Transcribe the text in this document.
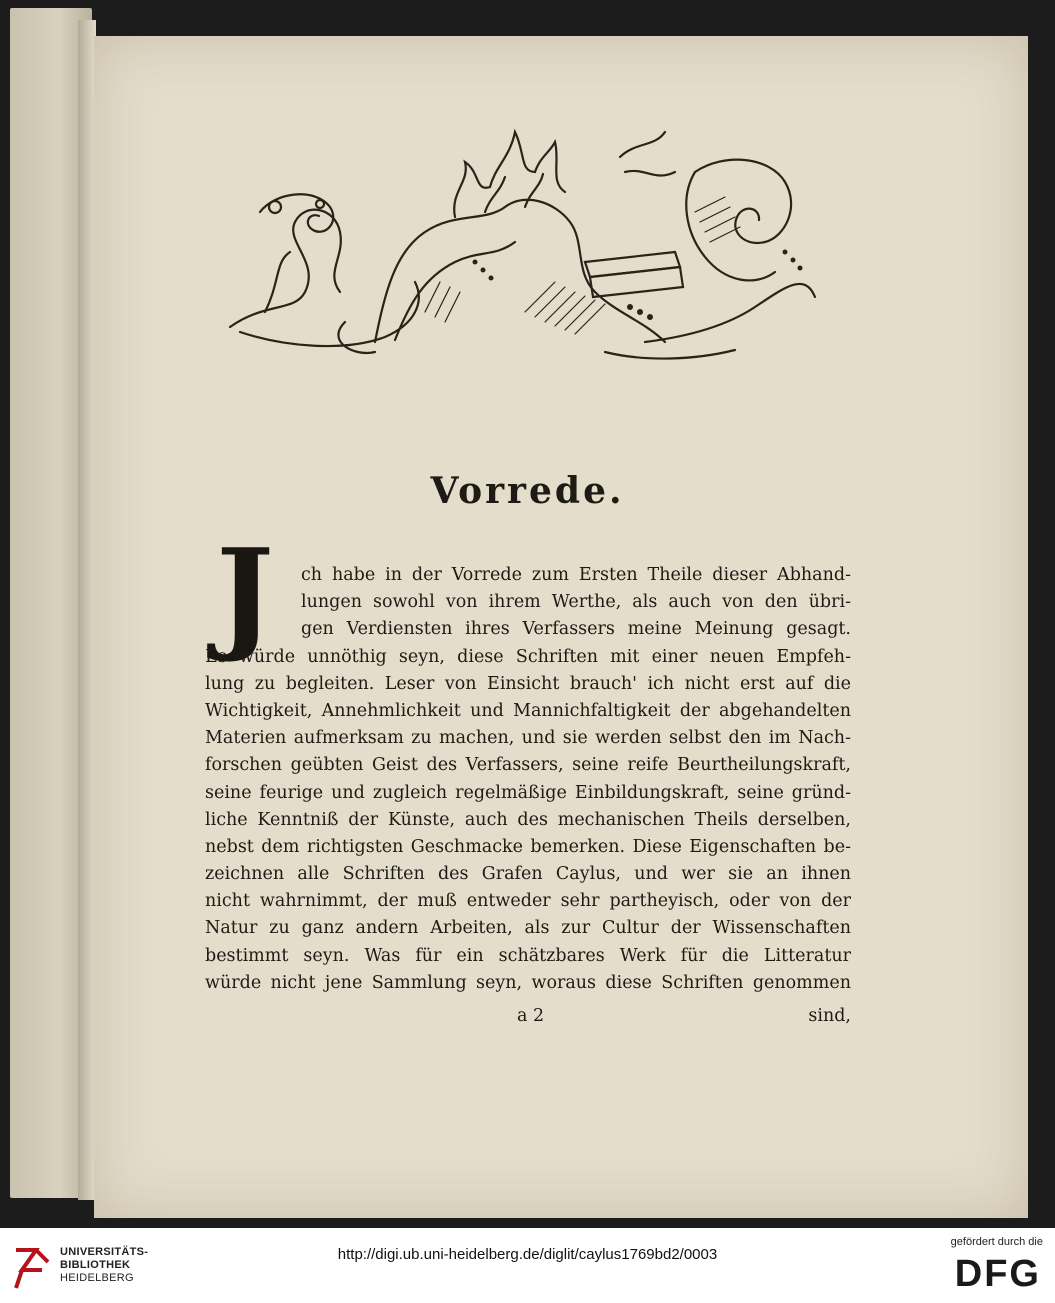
Vorrede.
J	ch habe in der Vorrede zum Ersten Theile dieser Abhand-
lungen sowohl von ihrem Werthe, als auch von den übri-
gen Verdiensten ihres Verfassers meine Meinung gesagt.
Es würde unnöthig seyn, diese Schriften mit einer neuen Empfeh-
lung zu begleiten. Leser von Einsicht brauch' ich nicht erst auf die
Wichtigkeit, Annehmlichkeit und Mannichfaltigkeit der abgehandelten
Materien aufmerksam zu machen, und sie werden selbst den im Nach-
forschen geübten Geist des Verfassers, seine reife Beurtheilungskraft,
seine feurige und zugleich regelmäßige Einbildungskraft, seine gründ-
liche Kenntniß der Künste, auch des mechanischen Theils derselben,
nebst dem richtigsten Geschmacke bemerken. Diese Eigenschaften be-
zeichnen alle Schriften des Grafen Caylus, und wer sie an ihnen
nicht wahrnimmt, der muß entweder sehr partheyisch, oder von der
Natur zu ganz andern Arbeiten, als zur Cultur der Wissenschaften
bestimmt seyn. Was für ein schätzbares Werk für die Litteratur
würde nicht jene Sammlung seyn, woraus diese Schriften genommen
a 2	sind,
UNIVERSITÄTS-
BIBLIOTHEK
HEIDELBERG
http://digi.ub.uni-heidelberg.de/diglit/caylus1769bd2/0003
gefördert durch die
DFG
